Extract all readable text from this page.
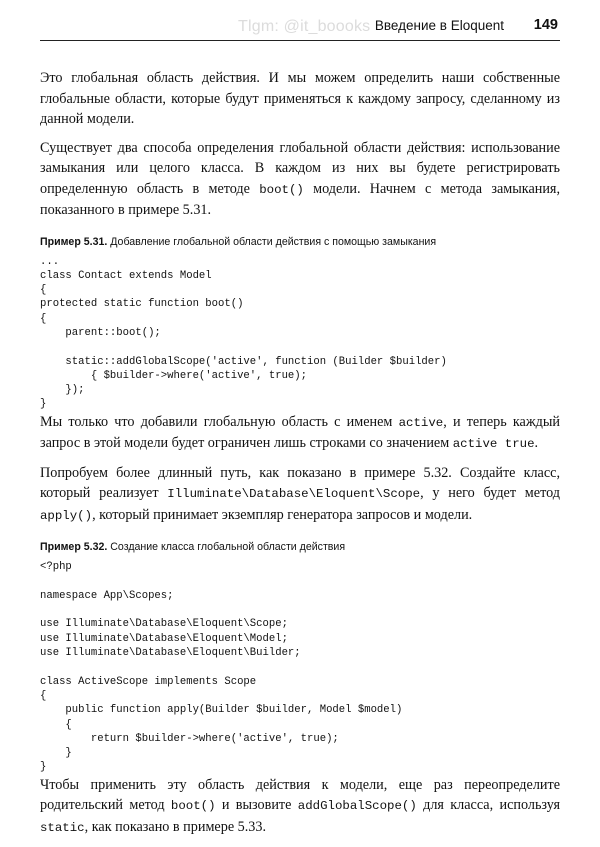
Tlgm: @it_boooks Введение в Eloquent 149

Это глобальная область действия. И мы можем определить наши собственные глобальные области, которые будут применяться к каждому запросу, сделанному из данной модели.

Существует два способа определения глобальной области действия: использование замыкания или целого класса. В каждом из них вы будете регистрировать определенную область в методе boot() модели. Начнем с метода замыкания, показанного в примере 5.31.

Пример 5.31. Добавление глобальной области действия с помощью замыкания
...
class Contact extends Model
{
protected static function boot()
{
parent::boot();

static::addGlobalScope('active', function (Builder $builder)
{ $builder->where('active', true);
});
}

Мы только что добавили глобальную область с именем active, и теперь каждый запрос в этой модели будет ограничен лишь строками со значением active true.

Попробуем более длинный путь, как показано в примере 5.32. Создайте класс, который реализует Illuminate\Database\Eloquent\Scope, у него будет метод apply(), который принимает экземпляр генератора запросов и модели.

Пример 5.32. Создание класса глобальной области действия
<?php

namespace App\Scopes;

use Illuminate\Database\Eloquent\Scope;
use Illuminate\Database\Eloquent\Model;
use Illuminate\Database\Eloquent\Builder;

class ActiveScope implements Scope
{
public function apply(Builder $builder, Model $model)
{
return $builder->where('active', true);
}
}

Чтобы применить эту область действия к модели, еще раз переопределите родительский метод boot() и вызовите addGlobalScope() для класса, используя static, как показано в примере 5.33.
